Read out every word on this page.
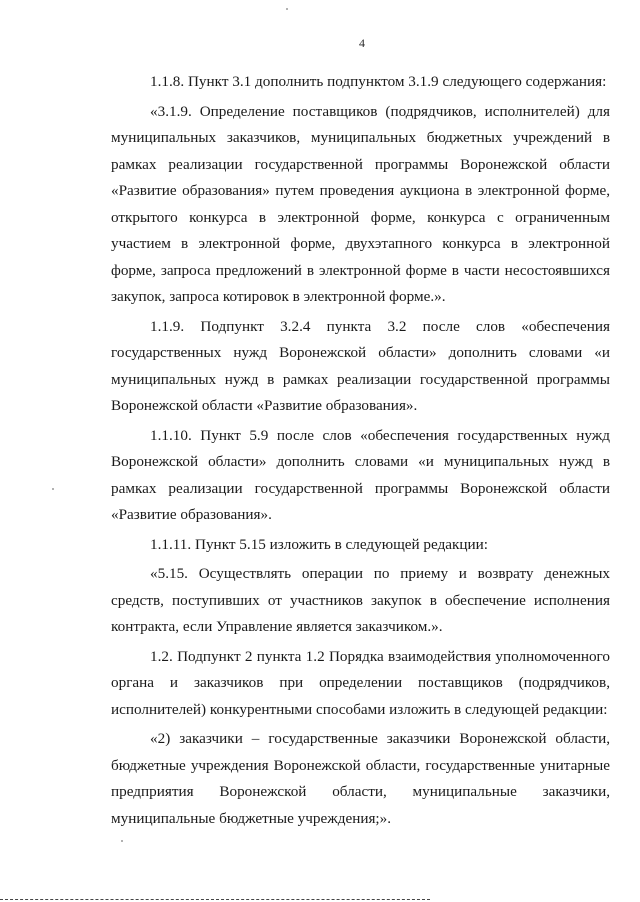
4

1.1.8. Пункт 3.1 дополнить подпунктом 3.1.9 следующего содержания:

«3.1.9. Определение поставщиков (подрядчиков, исполнителей) для муниципальных заказчиков, муниципальных бюджетных учреждений в рамках реализации государственной программы Воронежской области «Развитие образования» путем проведения аукциона в электронной форме, открытого конкурса в электронной форме, конкурса с ограниченным участием в электронной форме, двухэтапного конкурса в электронной форме, запроса предложений в электронной форме в части несостоявшихся закупок, запроса котировок в электронной форме.».

1.1.9. Подпункт 3.2.4 пункта 3.2 после слов «обеспечения государственных нужд Воронежской области» дополнить словами «и муниципальных нужд в рамках реализации государственной программы Воронежской области «Развитие образования».

1.1.10. Пункт 5.9 после слов «обеспечения государственных нужд Воронежской области» дополнить словами «и муниципальных нужд в рамках реализации государственной программы Воронежской области «Развитие образования».

1.1.11. Пункт 5.15 изложить в следующей редакции:

«5.15. Осуществлять операции по приему и возврату денежных средств, поступивших от участников закупок в обеспечение исполнения контракта, если Управление является заказчиком.».

1.2. Подпункт 2 пункта 1.2 Порядка взаимодействия уполномоченного органа и заказчиков при определении поставщиков (подрядчиков, исполнителей) конкурентными способами изложить в следующей редакции:

«2) заказчики – государственные заказчики Воронежской области, бюджетные учреждения Воронежской области, государственные унитарные предприятия Воронежской области, муниципальные заказчики, муниципальные бюджетные учреждения;».
